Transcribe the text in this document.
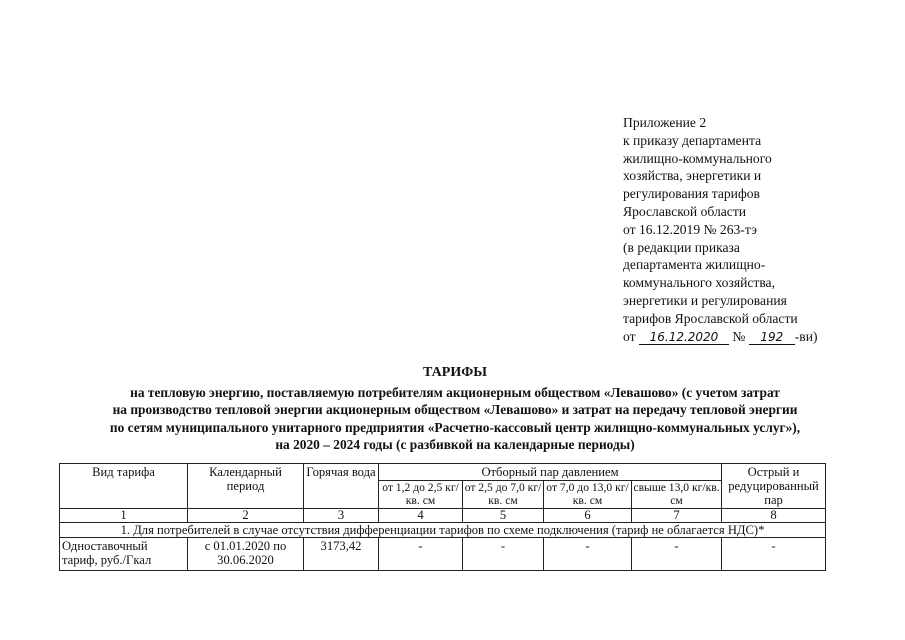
Приложение 2
к приказу департамента
жилищно-коммунального
хозяйства, энергетики и
регулирования тарифов
Ярославской области
от 16.12.2019 № 263-тэ
(в редакции приказа
департамента жилищно-
коммунального хозяйства,
энергетики и регулирования
тарифов Ярославской области
от 16.12.2020 № 192 -ви)
ТАРИФЫ
на тепловую энергию, поставляемую потребителям акционерным обществом «Левашово» (с учетом затрат
на производство тепловой энергии акционерным обществом «Левашово» и затрат на передачу тепловой энергии
по сетям муниципального унитарного предприятия «Расчетно-кассовый центр жилищно-коммунальных услуг»),
на 2020 – 2024 годы (с разбивкой на календарные периоды)
Вид тарифа	Календарный период	Горячая вода	Отборный пар давлением				Острый и редуцированный пар
			от 1,2 до 2,5 кг/кв. см	от 2,5 до 7,0 кг/кв. см	от 7,0 до 13,0 кг/кв. см	свыше 13,0 кг/кв. см	
1	2	3	4	5	6	7	8
1. Для потребителей в случае отсутствия дифференциации тарифов по схеме подключения (тариф не облагается НДС)*							
Одноставочный тариф, руб./Гкал	с 01.01.2020 по 30.06.2020	3173,42	-	-	-	-	-
